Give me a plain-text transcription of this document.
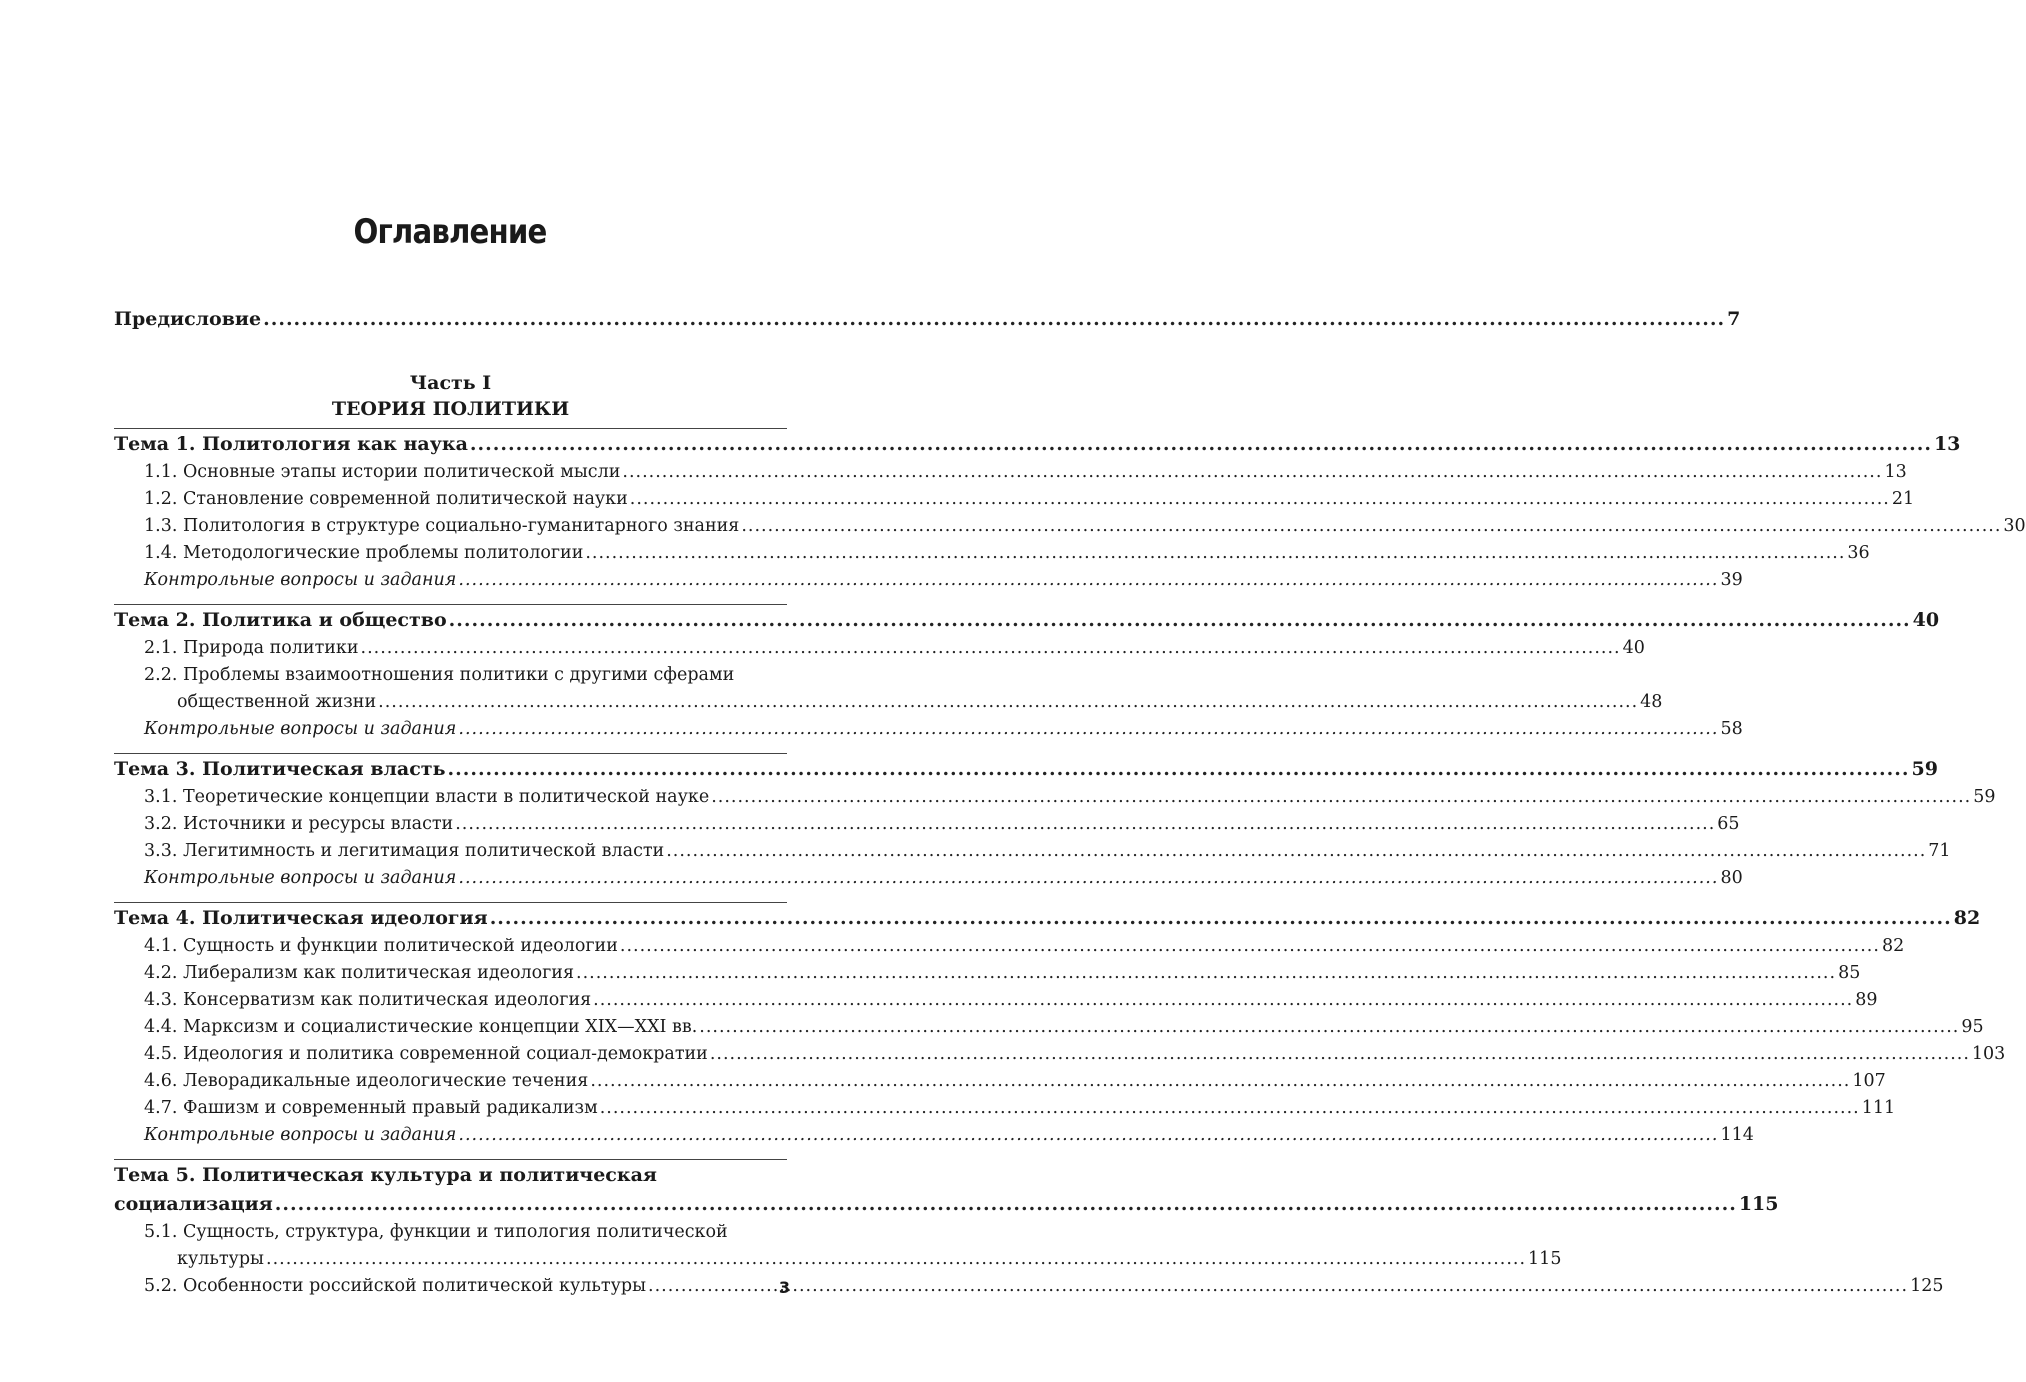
Оглавление
Предисловие .....	7
Часть I
ТЕОРИЯ ПОЛИТИКИ
Тема 1. Политология как наука .....	13
1.1. Основные этапы истории политической мысли .....	13
1.2. Становление современной политической науки .....	21
1.3. Политология в структуре социально-гуманитарного знания .....	30
1.4. Методологические проблемы политологии .....	36
Контрольные вопросы и задания .....	39
Тема 2. Политика и общество .....	40
2.1. Природа политики .....	40
2.2. Проблемы взаимоотношения политики с другими сферами
общественной жизни .....	48
Контрольные вопросы и задания .....	58
Тема 3. Политическая власть .....	59
3.1. Теоретические концепции власти в политической науке .....	59
3.2. Источники и ресурсы власти .....	65
3.3. Легитимность и легитимация политической власти .....	71
Контрольные вопросы и задания .....	80
Тема 4. Политическая идеология .....	82
4.1. Сущность и функции политической идеологии .....	82
4.2. Либерализм как политическая идеология .....	85
4.3. Консерватизм как политическая идеология .....	89
4.4. Марксизм и социалистические концепции XIX—XXI вв. .....	95
4.5. Идеология и политика современной социал-демократии .....	103
4.6. Леворадикальные идеологические течения .....	107
4.7. Фашизм и современный правый радикализм .....	111
Контрольные вопросы и задания .....	114
Тема 5. Политическая культура и политическая
социализация .....	115
5.1. Сущность, структура, функции и типология политической
культуры .....	115
5.2. Особенности российской политической культуры .....	125
3
